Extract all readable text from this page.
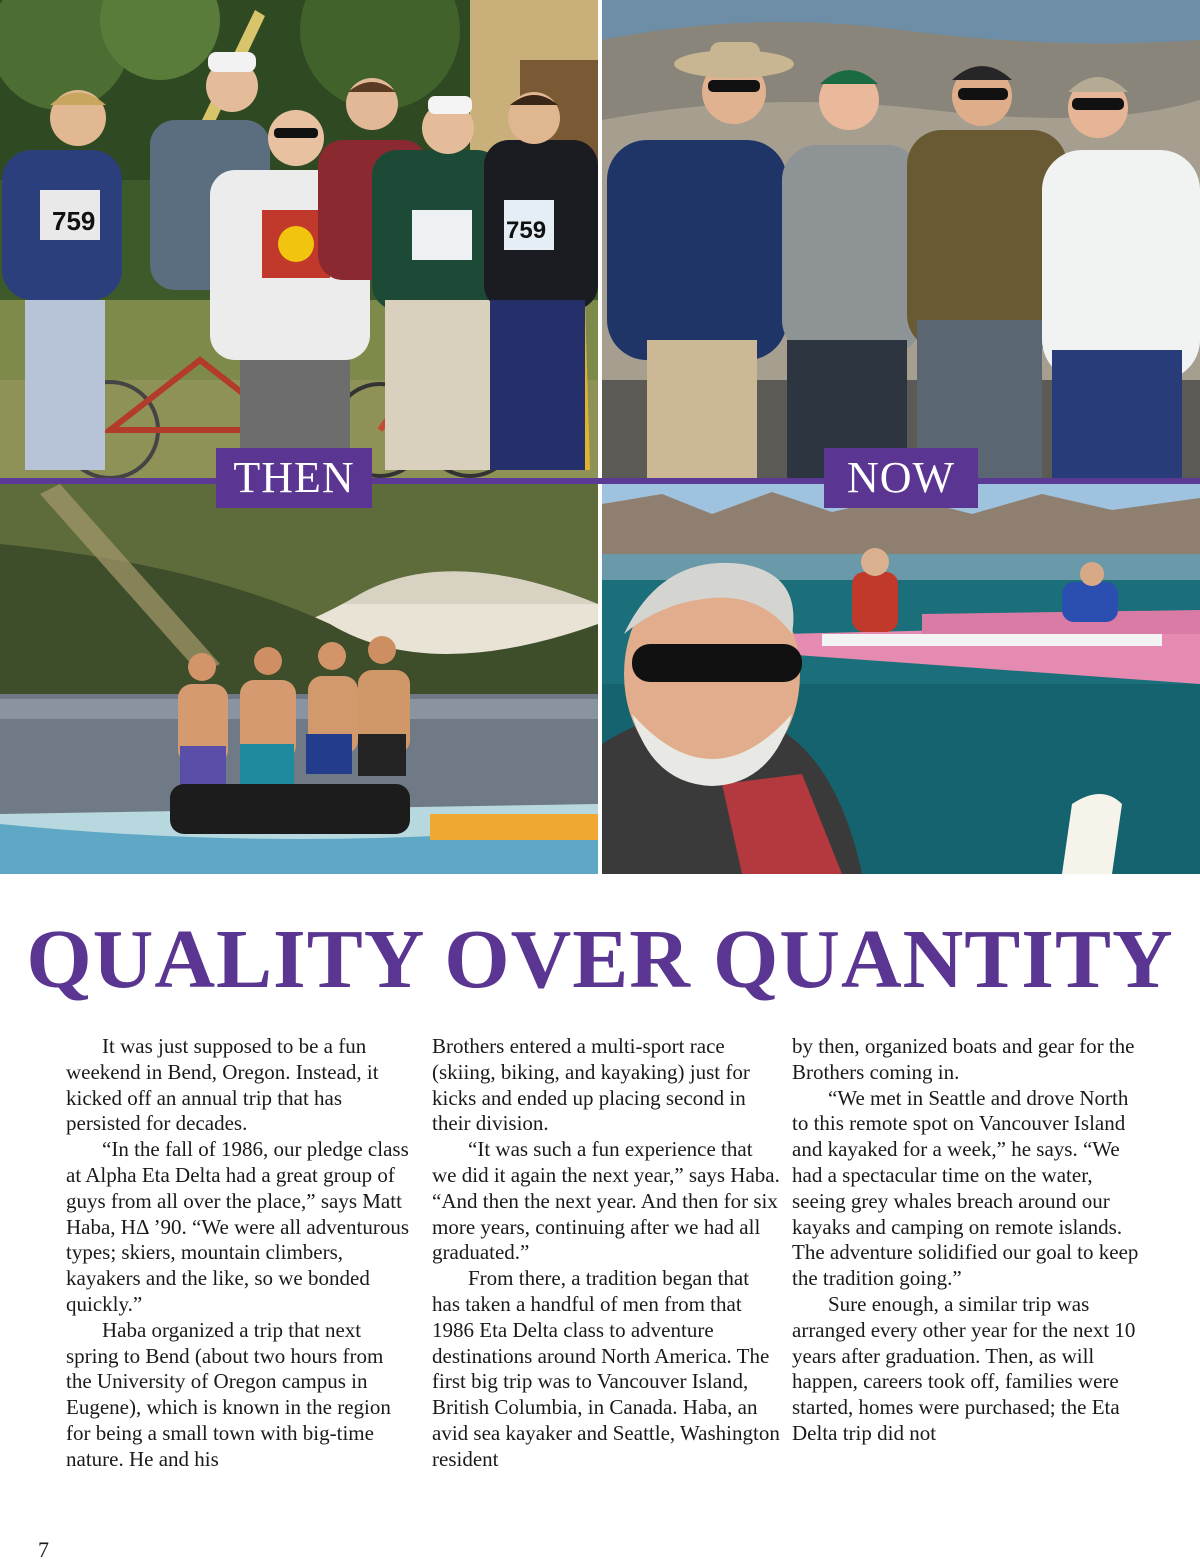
759	759
THEN	NOW
QUALITY OVER QUANTITY

It was just supposed to be a fun weekend in Bend, Oregon. Instead, it kicked off an annual trip that has persisted for decades.

“In the fall of 1986, our pledge class at Alpha Eta Delta had a great group of guys from all over the place,” says Matt Haba, HΔ ’90. “We were all adventurous types; skiers, mountain climbers, kayakers and the like, so we bonded quickly.”

Haba organized a trip that next spring to Bend (about two hours from the University of Oregon campus in Eugene), which is known in the region for being a small town with big-time nature. He and his

Brothers entered a multi-sport race (skiing, biking, and kayaking) just for kicks and ended up placing second in their division.

“It was such a fun experience that we did it again the next year,” says Haba. “And then the next year. And then for six more years, continuing after we had all graduated.”

From there, a tradition began that has taken a handful of men from that 1986 Eta Delta class to adventure destinations around North America. The first big trip was to Vancouver Island, British Columbia, in Canada. Haba, an avid sea kayaker and Seattle, Washington resident

by then, organized boats and gear for the Brothers coming in.

“We met in Seattle and drove North to this remote spot on Vancouver Island and kayaked for a week,” he says. “We had a spectacular time on the water, seeing grey whales breach around our kayaks and camping on remote islands. The adventure solidified our goal to keep the tradition going.”

Sure enough, a similar trip was arranged every other year for the next 10 years after graduation. Then, as will happen, careers took off, families were started, homes were purchased; the Eta Delta trip did not

7
